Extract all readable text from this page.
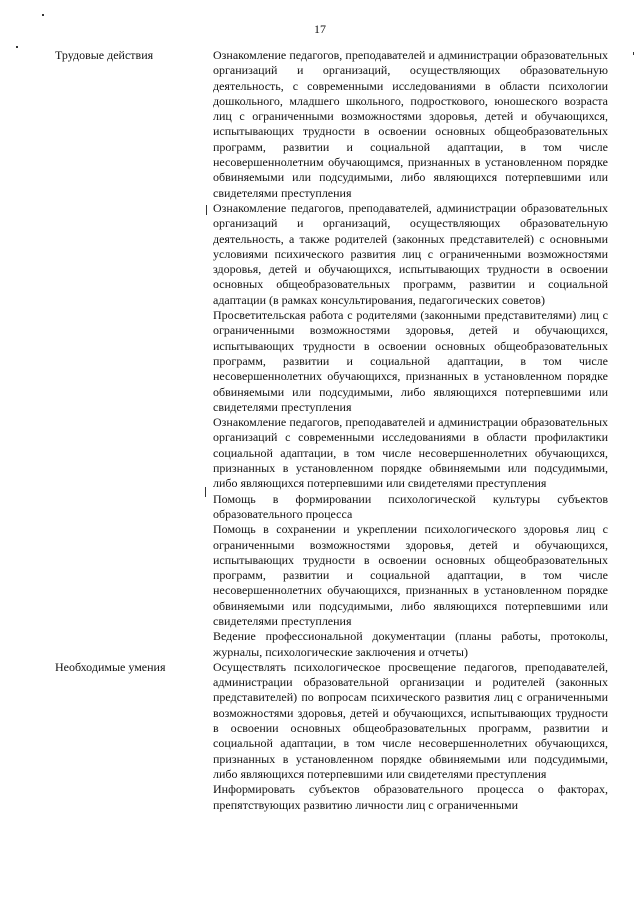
17
Трудовые действия	Ознакомление педагогов, преподавателей и администрации образовательных организаций и организаций, осуществляющих образовательную деятельность, с современными исследованиями в области психологии дошкольного, младшего школьного, подросткового, юношеского возраста лиц с ограниченными возможностями здоровья, детей и обучающихся, испытывающих трудности в освоении основных общеобразовательных программ, развитии и социальной адаптации, в том числе несовершеннолетним обучающимся, признанных в установленном порядке обвиняемыми или подсудимыми, либо являющихся потерпевшими или свидетелями преступления

Ознакомление педагогов, преподавателей, администрации образовательных организаций и организаций, осуществляющих образовательную деятельность, а также родителей (законных представителей) с основными условиями психического развития лиц с ограниченными возможностями здоровья, детей и обучающихся, испытывающих трудности в освоении основных общеобразовательных программ, развитии и социальной адаптации (в рамках консультирования, педагогических советов)

Просветительская работа с родителями (законными представителями) лиц с ограниченными возможностями здоровья, детей и обучающихся, испытывающих трудности в освоении основных общеобразовательных программ, развитии и социальной адаптации, в том числе несовершеннолетних обучающихся, признанных в установленном порядке обвиняемыми или подсудимыми, либо являющихся потерпевшими или свидетелями преступления

Ознакомление педагогов, преподавателей и администрации образовательных организаций с современными исследованиями в области профилактики социальной адаптации, в том числе несовершеннолетних обучающихся, признанных в установленном порядке обвиняемыми или подсудимыми, либо являющихся потерпевшими или свидетелями преступления

Помощь в формировании психологической культуры субъектов образовательного процесса

Помощь в сохранении и укреплении психологического здоровья лиц с ограниченными возможностями здоровья, детей и обучающихся, испытывающих трудности в освоении основных общеобразовательных программ, развитии и социальной адаптации, в том числе несовершеннолетних обучающихся, признанных в установленном порядке обвиняемыми или подсудимыми, либо являющихся потерпевшими или свидетелями преступления

Ведение профессиональной документации (планы работы, протоколы, журналы, психологические заключения и отчеты)

Необходимые умения	Осуществлять психологическое просвещение педагогов, преподавателей, администрации образовательной организации и родителей (законных представителей) по вопросам психического развития лиц с ограниченными возможностями здоровья, детей и обучающихся, испытывающих трудности в освоении основных общеобразовательных программ, развитии и социальной адаптации, в том числе несовершеннолетних обучающихся, признанных в установленном порядке обвиняемыми или подсудимыми, либо являющихся потерпевшими или свидетелями преступления

Информировать субъектов образовательного процесса о факторах, препятствующих развитию личности лиц с ограниченными
